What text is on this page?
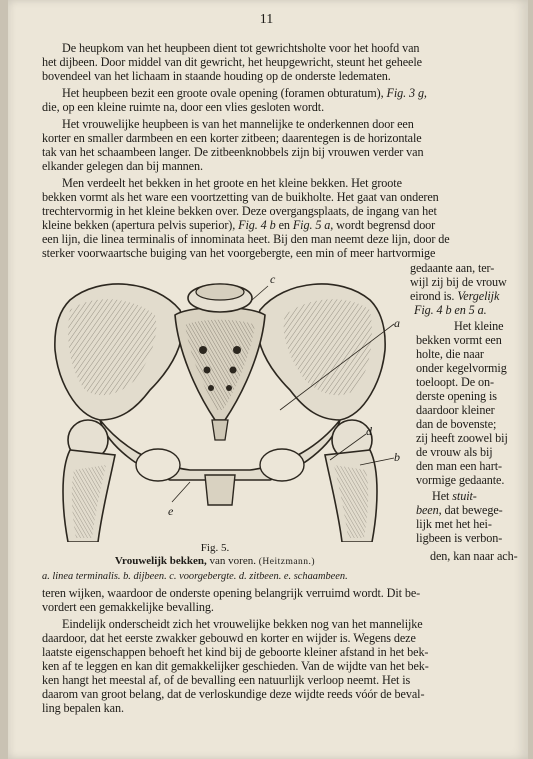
11
De heupkom van het heupbeen dient tot gewrichtsholte voor het hoofd van
het dijbeen. Door middel van dit gewricht, het heupgewricht, steunt het geheele
bovendeel van het lichaam in staande houding op de onderste ledematen.
Het heupbeen bezit een groote ovale opening (foramen obturatum), Fig. 3 g,
die, op een kleine ruimte na, door een vlies gesloten wordt.
Het vrouwelijke heupbeen is van het mannelijke te onderkennen door een
korter en smaller darmbeen en een korter zitbeen; daarentegen is de horizontale
tak van het schaambeen langer. De zitbeenknobbels zijn bij vrouwen verder van
elkander gelegen dan bij mannen.
Men verdeelt het bekken in het groote en het kleine bekken. Het groote
bekken vormt als het ware een voortzetting van de buikholte. Het gaat van onderen
trechtervormig in het kleine bekken over. Deze overgangsplaats, de ingang van het
kleine bekken (apertura pelvis superior), Fig. 4 b en Fig. 5 a, wordt begrensd door
een lijn, die linea terminalis of innominata heet. Bij den man neemt deze lijn, door de
sterker voorwaartsche buiging van het voorgebergte, een min of meer hartvormige
gedaante aan, ter-
wijl zij bij de vrouw
eirond is. Vergelijk
Fig. 4 b en 5 a.
Het kleine
bekken vormt een
holte, die naar
onder kegelvormig
toeloopt. De on-
derste opening is
daardoor kleiner
dan de bovenste;
zij heeft zoowel bij
de vrouw als bij
den man een hart-
vormige gedaante.
Het stuit-
been, dat bewege-
lijk met het hei-
ligbeen is verbon-
den, kan naar ach-
c
a
d
b
e
Fig. 5.
Vrouwelijk bekken, van voren. (Heitzmann.)
a. linea terminalis. b. dijbeen. c. voorgebergte. d. zitbeen. e. schaambeen.
teren wijken, waardoor de onderste opening belangrijk verruimd wordt. Dit be-
vordert een gemakkelijke bevalling.
Eindelijk onderscheidt zich het vrouwelijke bekken nog van het mannelijke
daardoor, dat het eerste zwakker gebouwd en korter en wijder is. Wegens deze
laatste eigenschappen behoeft het kind bij de geboorte kleiner afstand in het bek-
ken af te leggen en kan dit gemakkelijker geschieden. Van de wijdte van het bek-
ken hangt het meestal af, of de bevalling een natuurlijk verloop neemt. Het is
daarom van groot belang, dat de verloskundige deze wijdte reeds vóór de beval-
ling bepalen kan.
